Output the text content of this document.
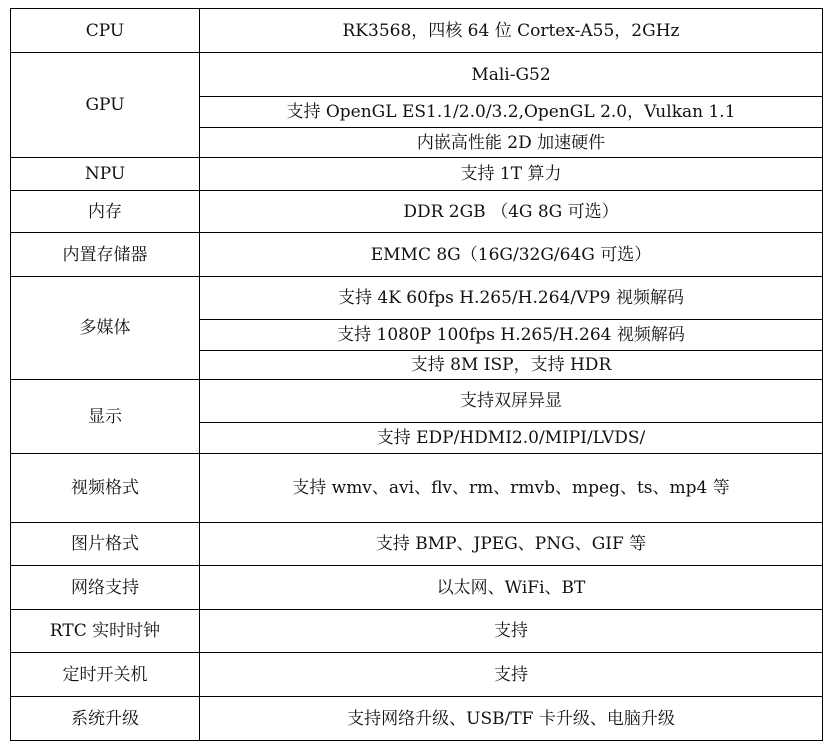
CPU	RK3568，四核 64 位 Cortex-A55，2GHz
GPU	Mali-G52
	支持 OpenGL ES1.1/2.0/3.2,OpenGL 2.0，Vulkan 1.1
	内嵌高性能 2D 加速硬件
NPU	支持 1T 算力
内存	DDR 2GB （4G 8G 可选）
内置存储器	EMMC 8G（16G/32G/64G 可选）
多媒体	支持 4K 60fps H.265/H.264/VP9 视频解码
	支持 1080P 100fps H.265/H.264 视频解码
	支持 8M ISP，支持 HDR
显示	支持双屏异显
	支持 EDP/HDMI2.0/MIPI/LVDS/
视频格式	支持 wmv、avi、flv、rm、rmvb、mpeg、ts、mp4 等
图片格式	支持 BMP、JPEG、PNG、GIF 等
网络支持	以太网、WiFi、BT
RTC 实时时钟	支持
定时开关机	支持
系统升级	支持网络升级、USB/TF 卡升级、电脑升级
